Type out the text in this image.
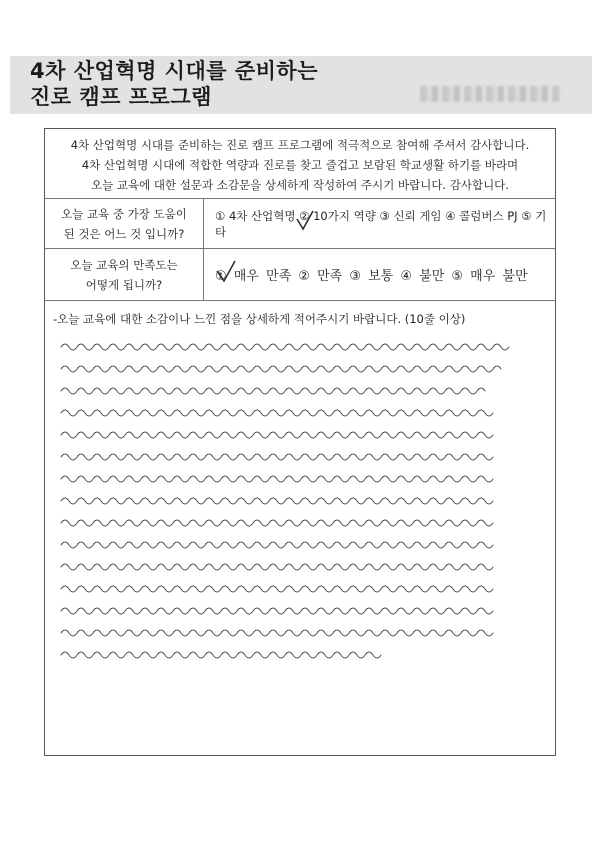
4차 산업혁명 시대를 준비하는
진로 캠프 프로그램
4차 산업혁명 시대를 준비하는 진로 캠프 프로그램에 적극적으로 참여해 주셔서 감사합니다.
4차 산업혁명 시대에 적합한 역량과 진로를 찾고 즐겁고 보람된 학교생활 하기를 바라며
오늘 교육에 대한 설문과 소감문을 상세하게 작성하여 주시기 바랍니다. 감사합니다.
오늘 교육 중 가장 도움이
된 것은 어느 것 입니까?
① 4차 산업혁명 ② 10가지 역량 ③ 신뢰 게임 ④ 콜럼버스 PJ ⑤ 기타
오늘 교육의 만족도는
어떻게 됩니까?
① 매우 만족 ② 만족 ③ 보통 ④ 불만 ⑤ 매우 불만
-오늘 교육에 대한 소감이나 느낀 점을 상세하게 적어주시기 바랍니다. (10줄 이상)
